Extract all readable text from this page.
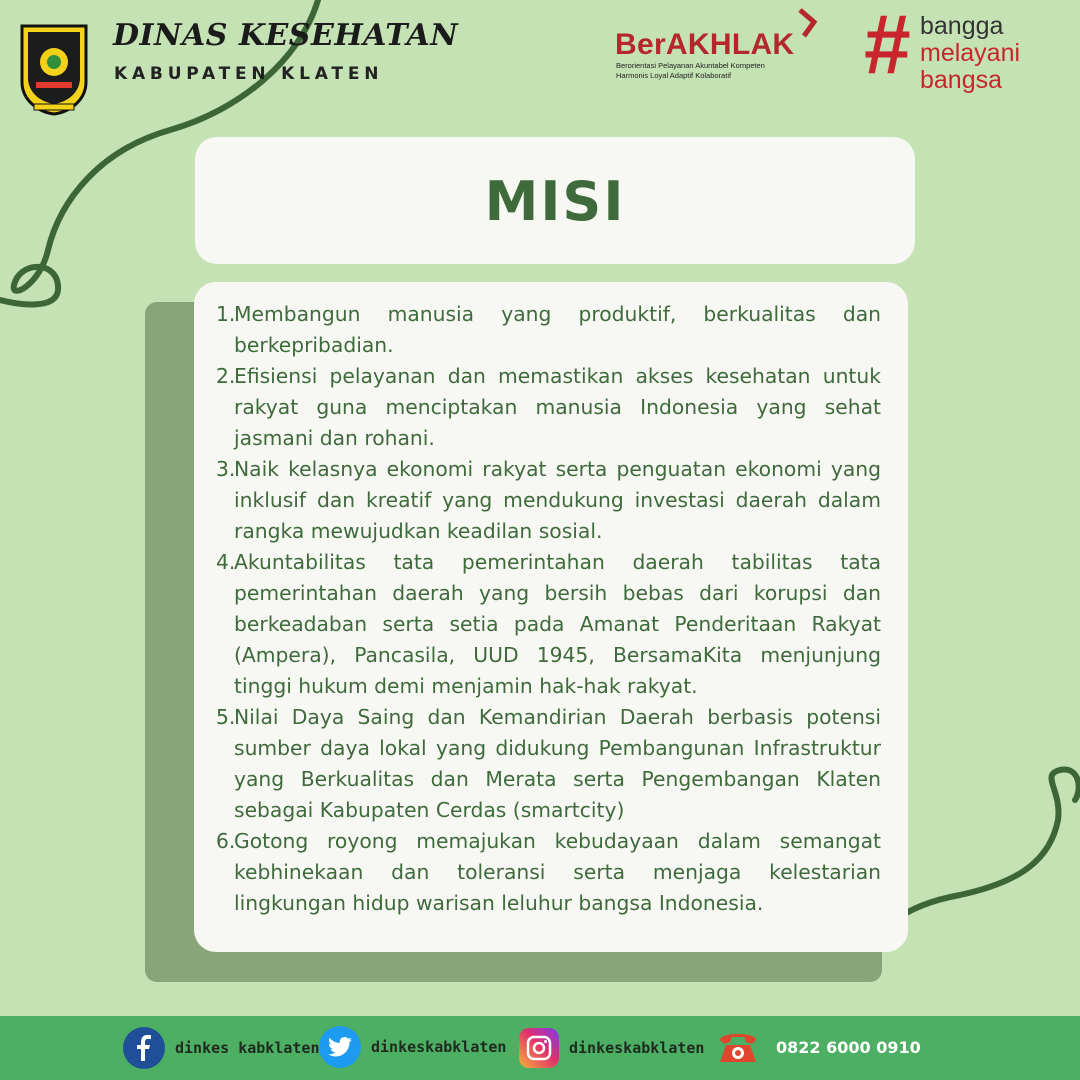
DINAS KESEHATAN
KABUPATEN KLATEN
BerAKHLAK
Berorientasi Pelayanan Akuntabel Kompeten
Harmonis Loyal Adaptif Kolaboratif # bangga
melayani
bangsa
MISI
1.
Membangun manusia yang produktif, berkualitas dan berkepribadian.
2.
Efisiensi pelayanan dan memastikan akses kesehatan untuk rakyat guna menciptakan manusia Indonesia yang sehat jasmani dan rohani.
3.
Naik kelasnya ekonomi rakyat serta penguatan ekonomi yang inklusif dan kreatif yang mendukung investasi daerah dalam rangka mewujudkan keadilan sosial.
4.
Akuntabilitas tata pemerintahan daerah tabilitas tata pemerintahan daerah yang bersih bebas dari korupsi dan berkeadaban serta setia pada Amanat Penderitaan Rakyat (Ampera), Pancasila, UUD 1945, BersamaKita menjunjung tinggi hukum demi menjamin hak-hak rakyat.
5.
Nilai Daya Saing dan Kemandirian Daerah berbasis potensi sumber daya lokal yang didukung Pembangunan Infrastruktur yang Berkualitas dan Merata serta Pengembangan Klaten sebagai Kabupaten Cerdas (smartcity)
6.
Gotong royong memajukan kebudayaan dalam semangat kebhinekaan dan toleransi serta menjaga kelestarian lingkungan hidup warisan leluhur bangsa Indonesia.
dinkes kabklaten	dinkeskabklaten	dinkeskabklaten	0822 6000 0910
